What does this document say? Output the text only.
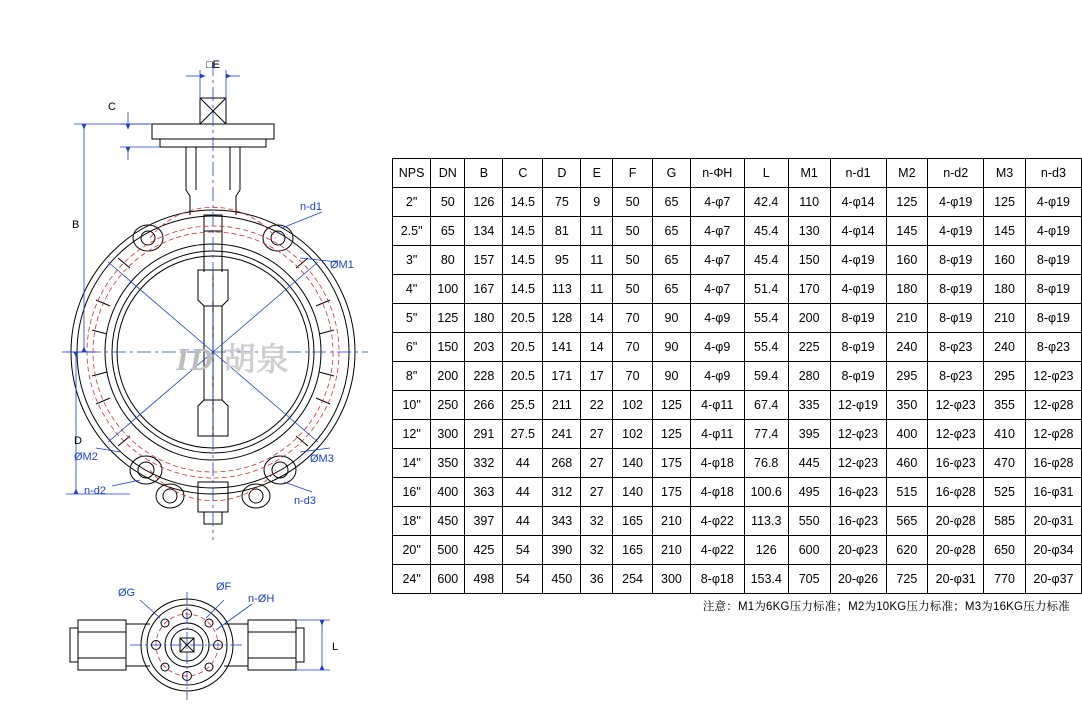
□E
C
B
D
n-d1
ØM1
ØM2	ØM3
n-d2
n-d3
ØG	ØF
n-ØH
L
ID 胡泉
NPS	DN	B	C	D	E	F	G	n-ΦH	L	M1	n-d1	M2	n-d2	M3	n-d3
2"	50	126	14.5	75	9	50	65	4-φ7	42.4	110	4-φ14	125	4-φ19	125	4-φ19
2.5"	65	134	14.5	81	11	50	65	4-φ7	45.4	130	4-φ14	145	4-φ19	145	4-φ19
3"	80	157	14.5	95	11	50	65	4-φ7	45.4	150	4-φ19	160	8-φ19	160	8-φ19
4"	100	167	14.5	113	11	50	65	4-φ7	51.4	170	4-φ19	180	8-φ19	180	8-φ19
5"	125	180	20.5	128	14	70	90	4-φ9	55.4	200	8-φ19	210	8-φ19	210	8-φ19
6"	150	203	20.5	141	14	70	90	4-φ9	55.4	225	8-φ19	240	8-φ23	240	8-φ23
8"	200	228	20.5	171	17	70	90	4-φ9	59.4	280	8-φ19	295	8-φ23	295	12-φ23
10"	250	266	25.5	211	22	102	125	4-φ11	67.4	335	12-φ19	350	12-φ23	355	12-φ28
12"	300	291	27.5	241	27	102	125	4-φ11	77.4	395	12-φ23	400	12-φ23	410	12-φ28
14"	350	332	44	268	27	140	175	4-φ18	76.8	445	12-φ23	460	16-φ23	470	16-φ28
16"	400	363	44	312	27	140	175	4-φ18	100.6	495	16-φ23	515	16-φ28	525	16-φ31
18"	450	397	44	343	32	165	210	4-φ22	113.3	550	16-φ23	565	20-φ28	585	20-φ31
20"	500	425	54	390	32	165	210	4-φ22	126	600	20-φ23	620	20-φ28	650	20-φ34
24"	600	498	54	450	36	254	300	8-φ18	153.4	705	20-φ26	725	20-φ31	770	20-φ37
注意：M1为6KG压力标准；M2为10KG压力标准；M3为16KG压力标准
